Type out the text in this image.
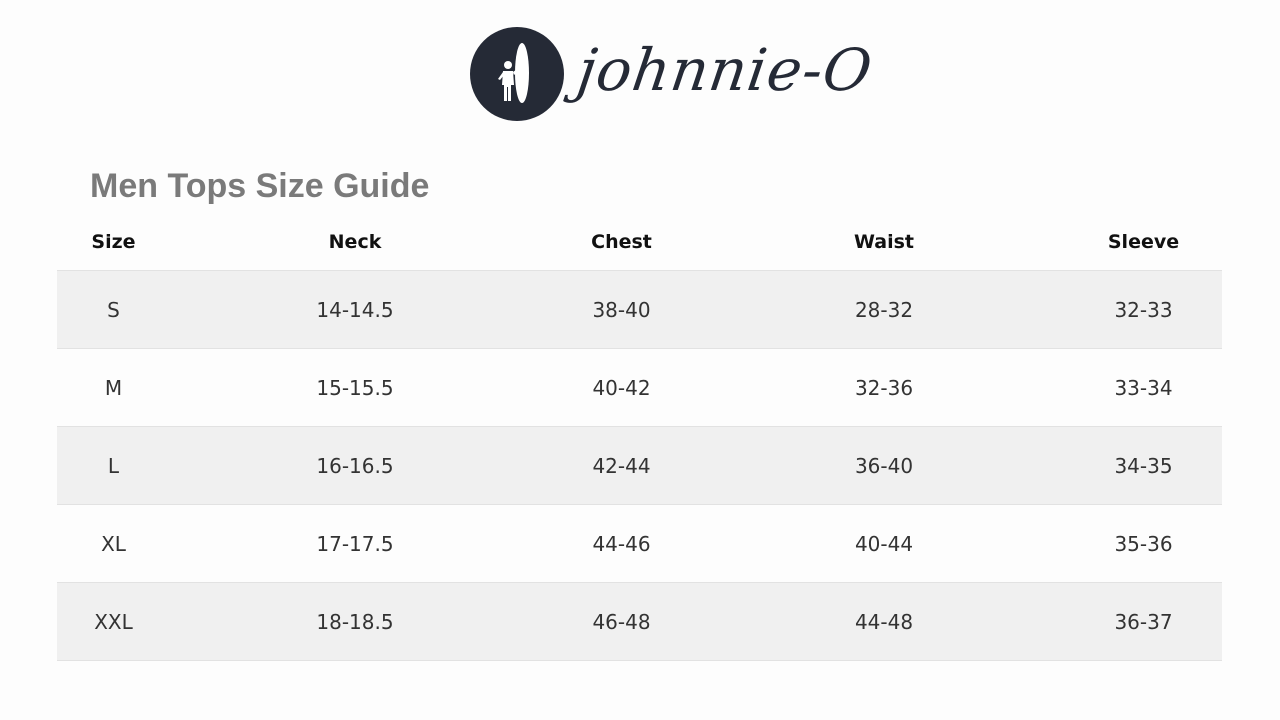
johnnie-O
Men Tops Size Guide
Size	Neck	Chest	Waist	Sleeve
S	14-14.5	38-40	28-32	32-33
M	15-15.5	40-42	32-36	33-34
L	16-16.5	42-44	36-40	34-35
XL	17-17.5	44-46	40-44	35-36
XXL	18-18.5	46-48	44-48	36-37
